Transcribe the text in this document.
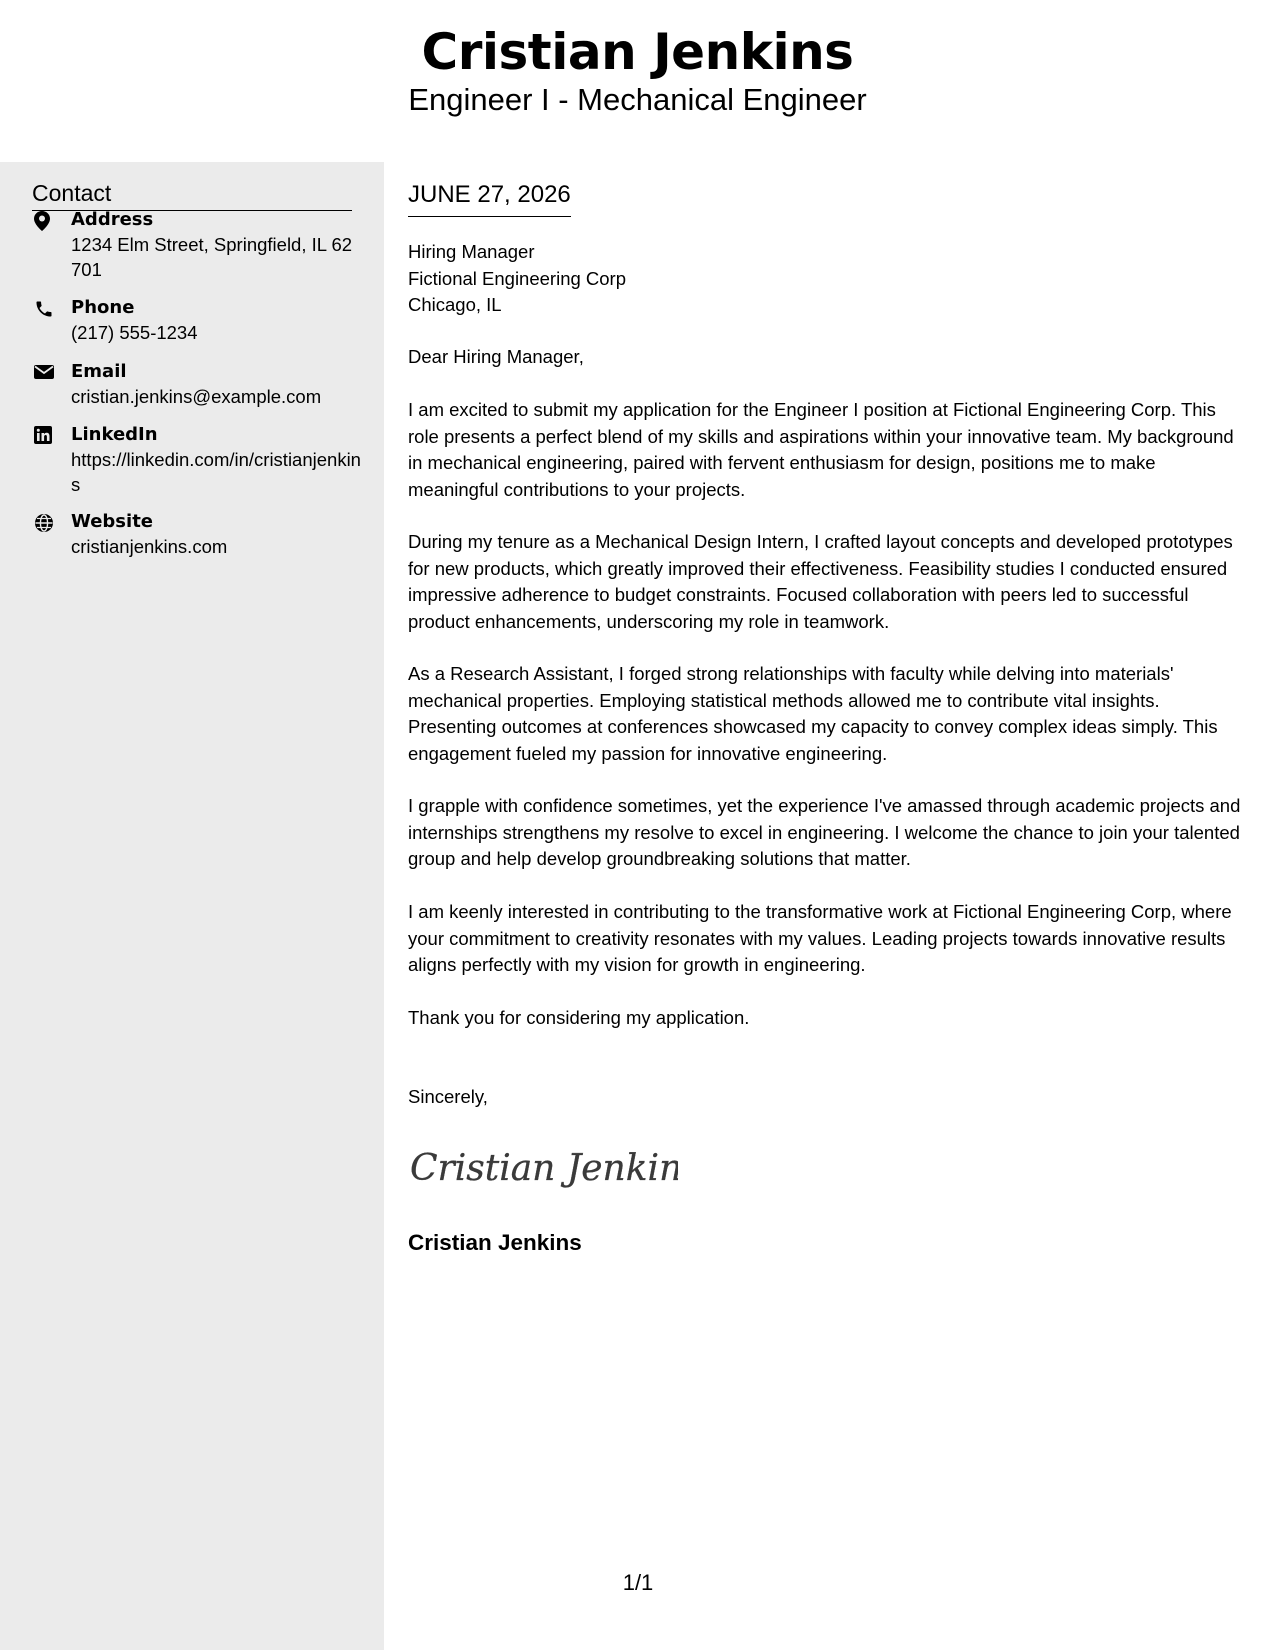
Cristian Jenkins
Engineer I - Mechanical Engineer
Contact
Address
1234 Elm Street, Springfield, IL 62701
Phone
(217) 555-1234
Email
cristian.jenkins@example.com
LinkedIn
https://linkedin.com/in/cristianjenkins
Website
cristianjenkins.com
JUNE 27, 2026
Hiring Manager
Fictional Engineering Corp
Chicago, IL

Dear Hiring Manager,

I am excited to submit my application for the Engineer I position at Fictional Engineering Corp. This role presents a perfect blend of my skills and aspirations within your innovative team. My background in mechanical engineering, paired with fervent enthusiasm for design, positions me to make meaningful contributions to your projects.

During my tenure as a Mechanical Design Intern, I crafted layout concepts and developed prototypes for new products, which greatly improved their effectiveness. Feasibility studies I conducted ensured impressive adherence to budget constraints. Focused collaboration with peers led to successful product enhancements, underscoring my role in teamwork.

As a Research Assistant, I forged strong relationships with faculty while delving into materials' mechanical properties. Employing statistical methods allowed me to contribute vital insights. Presenting outcomes at conferences showcased my capacity to convey complex ideas simply. This engagement fueled my passion for innovative engineering.

I grapple with confidence sometimes, yet the experience I've amassed through academic projects and internships strengthens my resolve to excel in engineering. I welcome the chance to join your talented group and help develop groundbreaking solutions that matter.

I am keenly interested in contributing to the transformative work at Fictional Engineering Corp, where your commitment to creativity resonates with my values. Leading projects towards innovative results aligns perfectly with my vision for growth in engineering.

Thank you for considering my application.

Sincerely,

Cristian Jenkins
Cristian Jenkins
1/1
